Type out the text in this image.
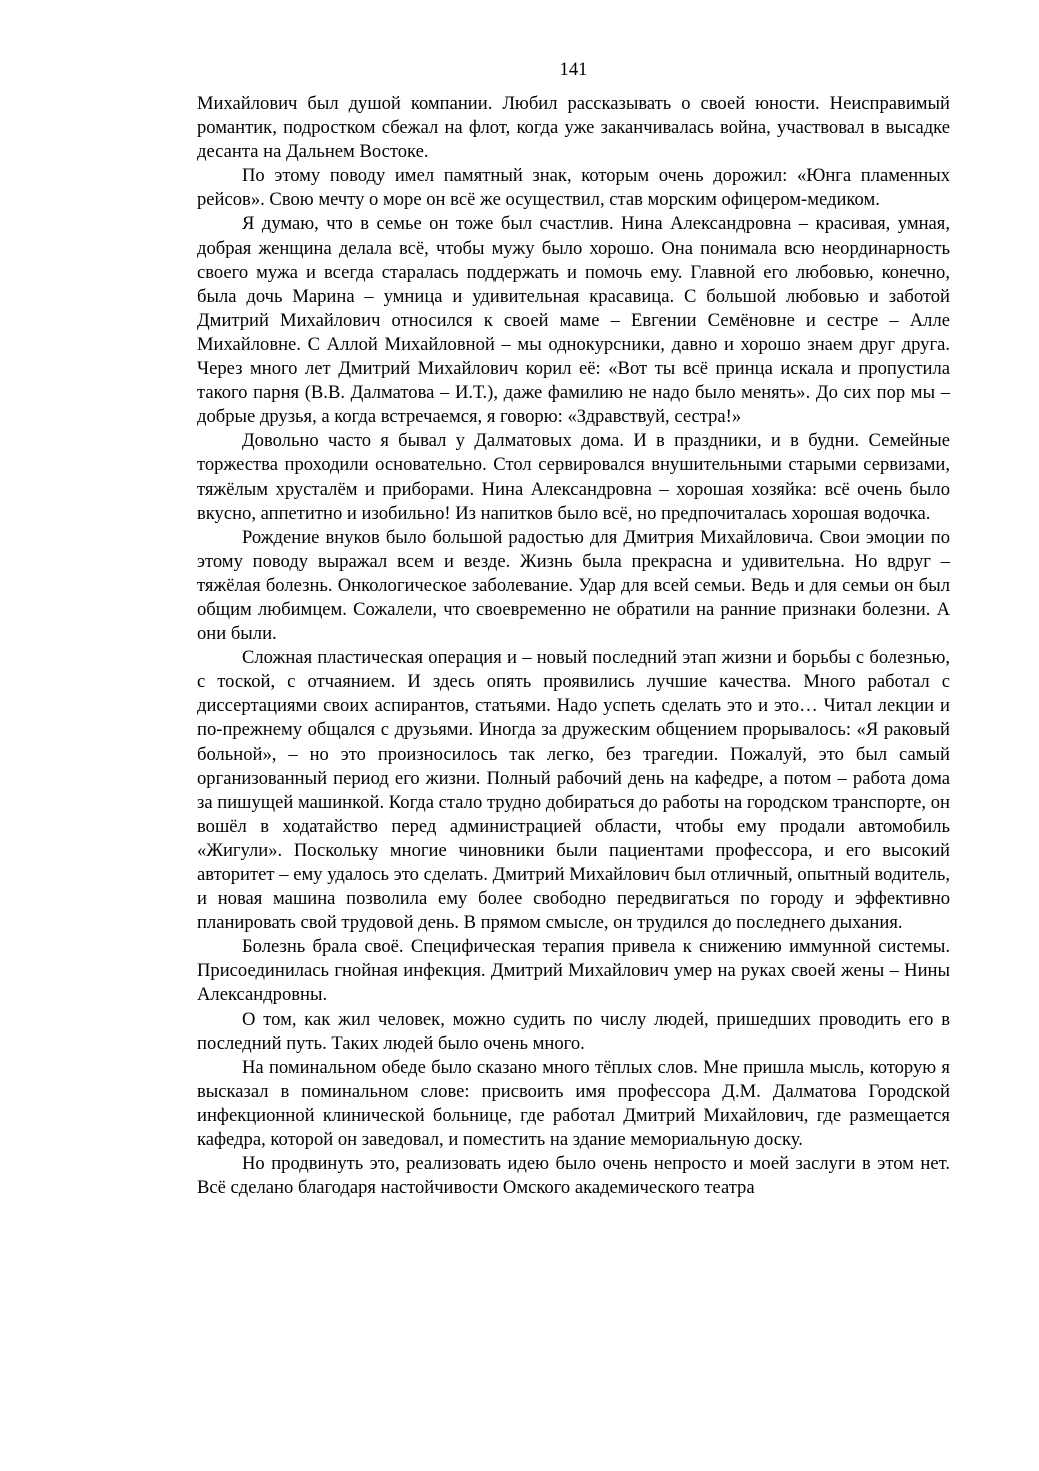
141

Михайлович был душой компании. Любил рассказывать о своей юности. Неисправимый романтик, подростком сбежал на флот, когда уже заканчивалась война, участвовал в высадке десанта на Дальнем Востоке.

По этому поводу имел памятный знак, которым очень дорожил: «Юнга пламенных рейсов». Свою мечту о море он всё же осуществил, став морским офицером-медиком.

Я думаю, что в семье он тоже был счастлив. Нина Александровна – красивая, умная, добрая женщина делала всё, чтобы мужу было хорошо. Она понимала всю неординарность своего мужа и всегда старалась поддержать и помочь ему. Главной его любовью, конечно, была дочь Марина – умница и удивительная красавица. С большой любовью и заботой Дмитрий Михайлович относился к своей маме – Евгении Семёновне и сестре – Алле Михайловне. С Аллой Михайловной – мы однокурсники, давно и хорошо знаем друг друга. Через много лет Дмитрий Михайлович корил её: «Вот ты всё принца искала и пропустила такого парня (В.В. Далматова – И.Т.), даже фамилию не надо было менять». До сих пор мы – добрые друзья, а когда встречаемся, я говорю: «Здравствуй, сестра!»

Довольно часто я бывал у Далматовых дома. И в праздники, и в будни. Семейные торжества проходили основательно. Стол сервировался внушительными старыми сервизами, тяжёлым хрусталём и приборами. Нина Александровна – хорошая хозяйка: всё очень было вкусно, аппетитно и изобильно! Из напитков было всё, но предпочиталась хорошая водочка.

Рождение внуков было большой радостью для Дмитрия Михайловича. Свои эмоции по этому поводу выражал всем и везде. Жизнь была прекрасна и удивительна. Но вдруг – тяжёлая болезнь. Онкологическое заболевание. Удар для всей семьи. Ведь и для семьи он был общим любимцем. Сожалели, что своевременно не обратили на ранние признаки болезни. А они были.

Сложная пластическая операция и – новый последний этап жизни и борьбы с болезнью, с тоской, с отчаянием. И здесь опять проявились лучшие качества. Много работал с диссертациями своих аспирантов, статьями. Надо успеть сделать это и это… Читал лекции и по-прежнему общался с друзьями. Иногда за дружеским общением прорывалось: «Я раковый больной», – но это произносилось так легко, без трагедии. Пожалуй, это был самый организованный период его жизни. Полный рабочий день на кафедре, а потом – работа дома за пишущей машинкой. Когда стало трудно добираться до работы на городском транспорте, он вошёл в ходатайство перед администрацией области, чтобы ему продали автомобиль «Жигули». Поскольку многие чиновники были пациентами профессора, и его высокий авторитет – ему удалось это сделать. Дмитрий Михайлович был отличный, опытный водитель, и новая машина позволила ему более свободно передвигаться по городу и эффективно планировать свой трудовой день. В прямом смысле, он трудился до последнего дыхания.

Болезнь брала своё. Специфическая терапия привела к снижению иммунной системы. Присоединилась гнойная инфекция. Дмитрий Михайлович умер на руках своей жены – Нины Александровны.

О том, как жил человек, можно судить по числу людей, пришедших проводить его в последний путь. Таких людей было очень много.

На поминальном обеде было сказано много тёплых слов. Мне пришла мысль, которую я высказал в поминальном слове: присвоить имя профессора Д.М. Далматова Городской инфекционной клинической больнице, где работал Дмитрий Михайлович, где размещается кафедра, которой он заведовал, и поместить на здание мемориальную доску.

Но продвинуть это, реализовать идею было очень непросто и моей заслуги в этом нет. Всё сделано благодаря настойчивости Омского академического театра
